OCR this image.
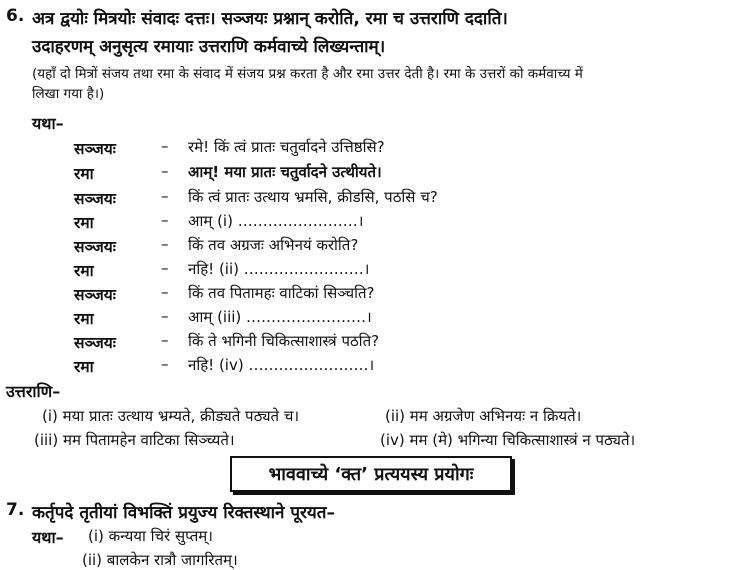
6. अत्र द्वयोः मित्रयोः संवादः दत्तः। सञ्जयः प्रश्नान् करोति, रमा च उत्तराणि ददाति।
उदाहरणम् अनुसृत्य रमायाः उत्तराणि कर्मवाच्ये लिख्यन्ताम्।
(यहाँ दो मित्रों संजय तथा रमा के संवाद में संजय प्रश्न करता है और रमा उत्तर देती है। रमा के उत्तरों को कर्मवाच्य में
लिखा गया है।)
यथा–
सञ्जयः	– रमे! किं त्वं प्रातः चतुर्वादने उत्तिष्ठसि?
रमा	– आम्! मया प्रातः चतुर्वादने उत्थीयते।
सञ्जयः	– किं त्वं प्रातः उत्थाय भ्रमसि, क्रीडसि, पठसि च?
रमा	– आम् (i) ……………………।
सञ्जयः	– किं तव अग्रजः अभिनयं करोति?
रमा	– नहि! (ii) ……………………।
सञ्जयः	– किं तव पितामहः वाटिकां सिञ्चति?
रमा	– आम् (iii) ……………………।
सञ्जयः	– किं ते भगिनी चिकित्साशास्त्रं पठति?
रमा	– नहि! (iv) ……………………।
उत्तराणि–
(i) मया प्रातः उत्थाय भ्रम्यते, क्रीड्यते पठ्यते च।	(ii) मम अग्रजेण अभिनयः न क्रियते।
(iii) मम पितामहेन वाटिका सिञ्च्यते।	(iv) मम (मे) भगिन्या चिकित्साशास्त्रं न पठ्यते।
भाववाच्ये ‘क्त’ प्रत्ययस्य प्रयोगः
7. कर्तृपदे तृतीयां विभक्तिं प्रयुज्य रिक्तस्थाने पूरयत–
यथा– (i) कन्यया चिरं सुप्तम्।
(ii) बालकेन रात्रौ जागरितम्।
